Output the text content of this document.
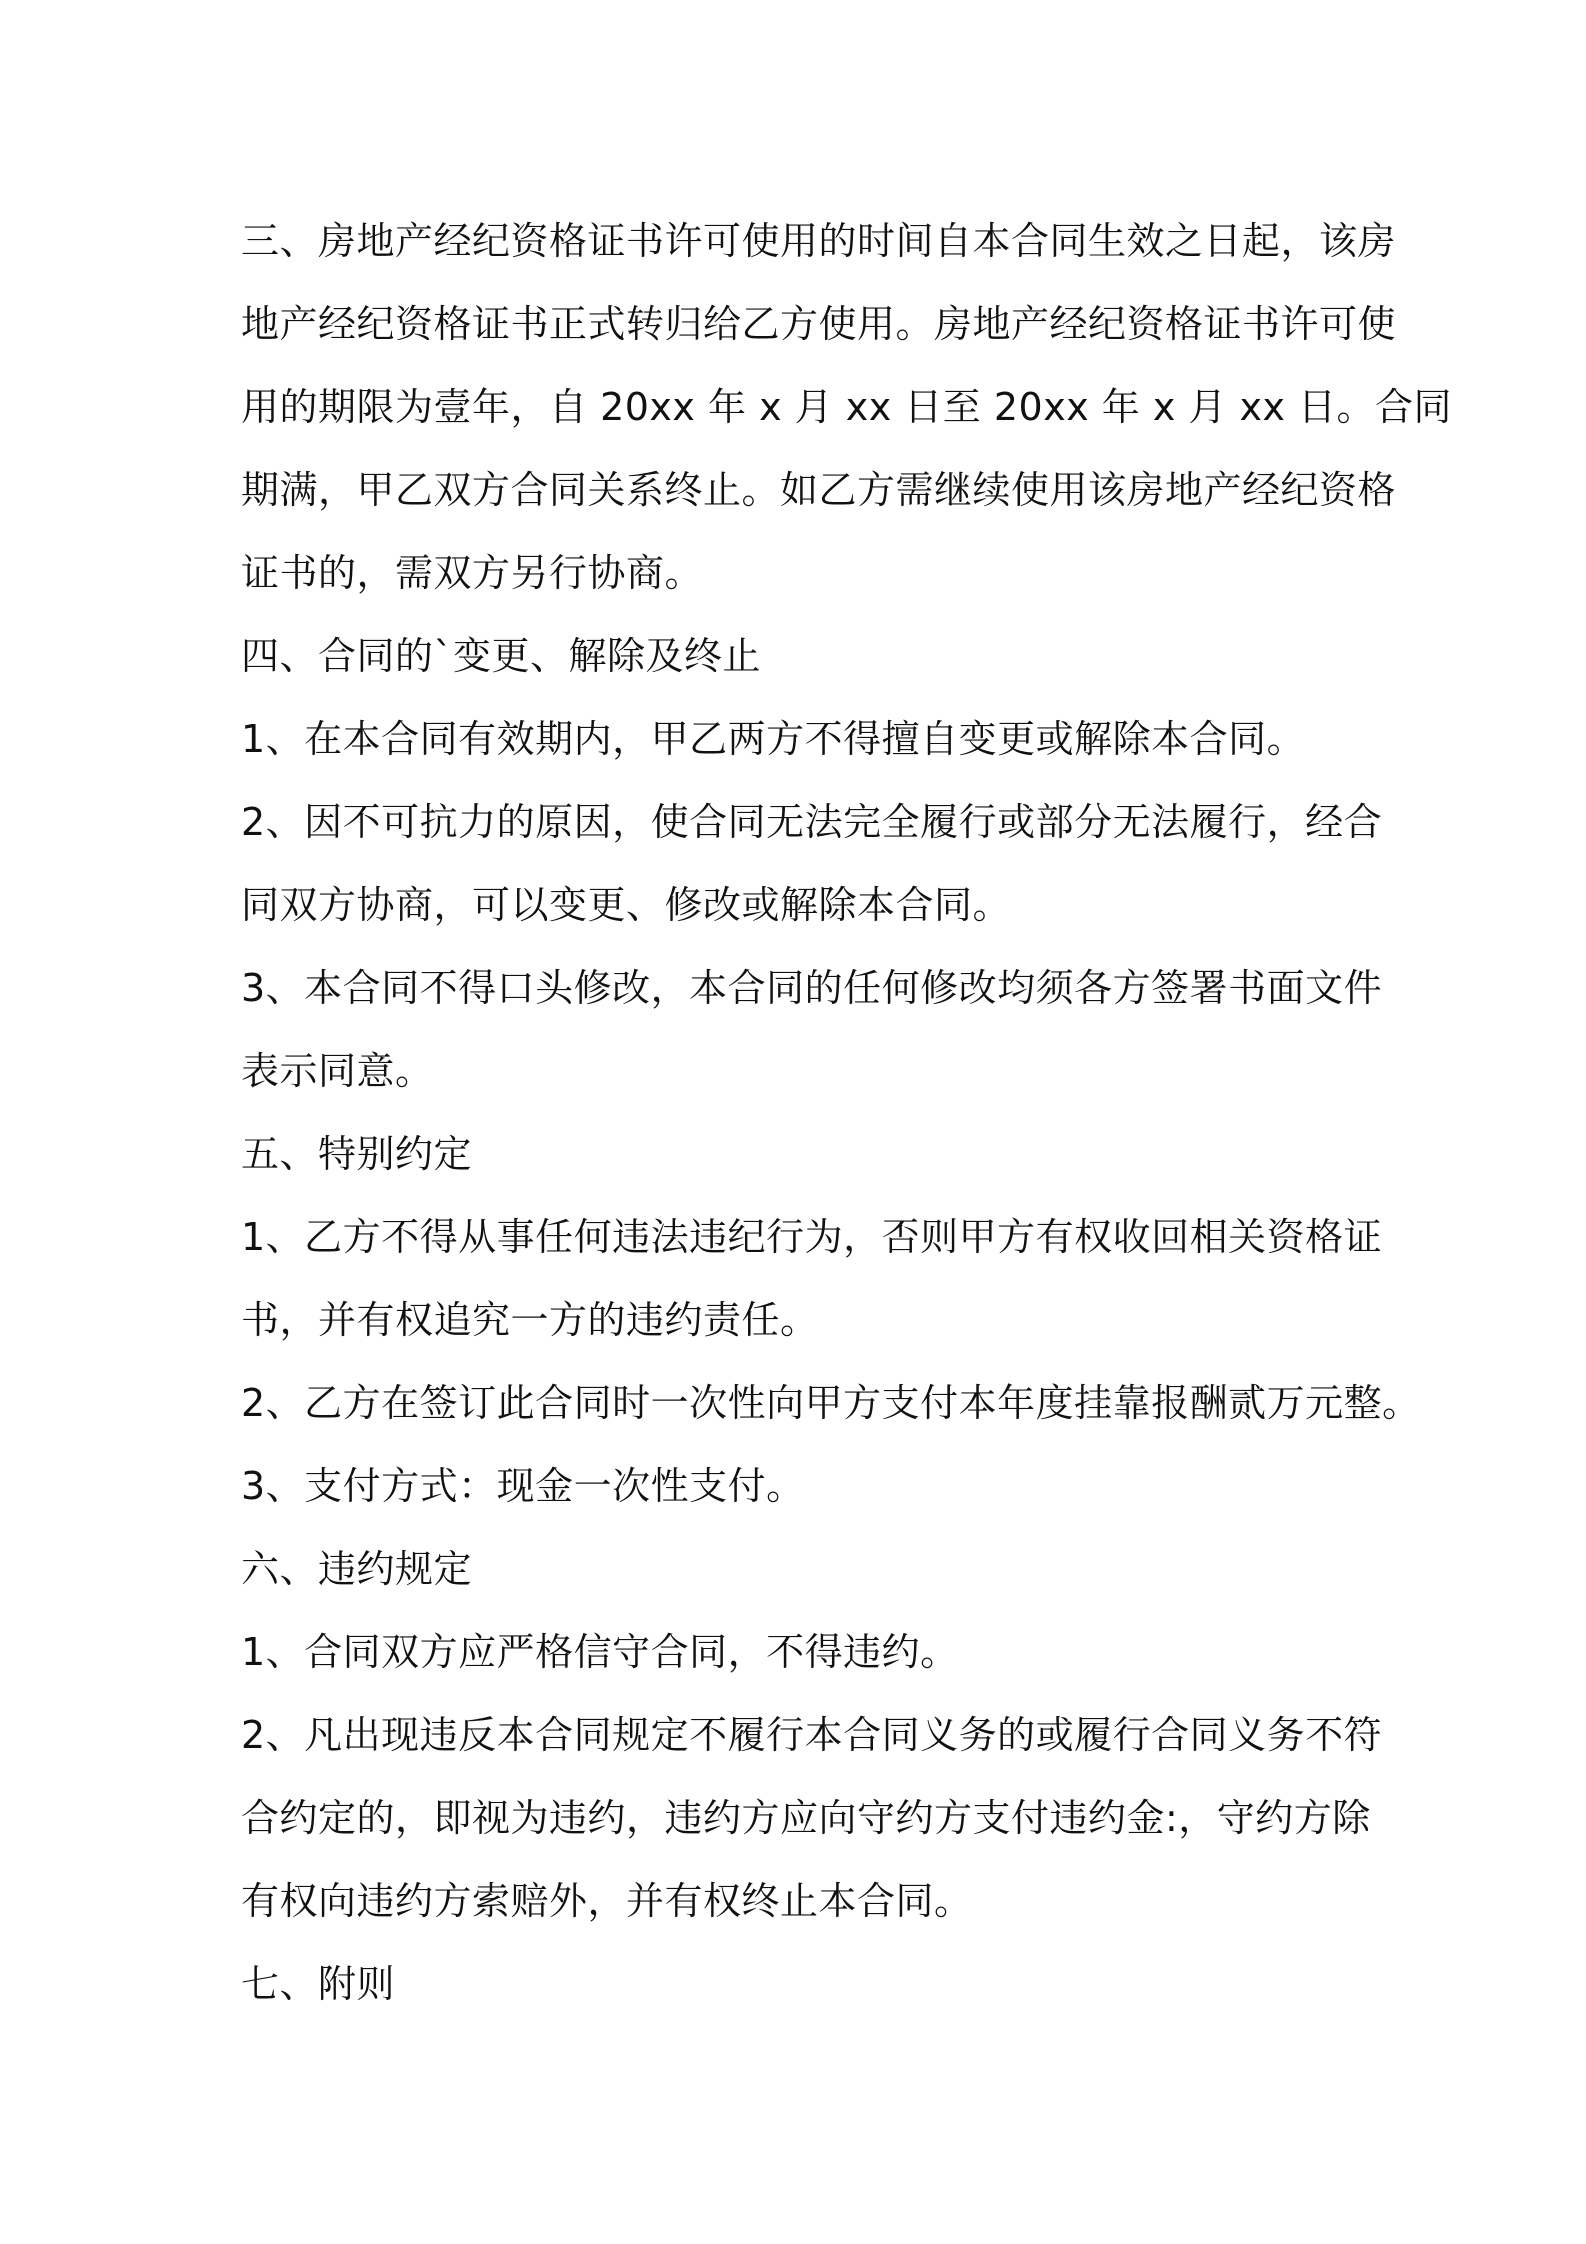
三、房地产经纪资格证书许可使用的时间自本合同生效之日起，该房
地产经纪资格证书正式转归给乙方使用。房地产经纪资格证书许可使
用的期限为壹年，自 20xx 年 x 月 xx 日至 20xx 年 x 月 xx 日。合同
期满，甲乙双方合同关系终止。如乙方需继续使用该房地产经纪资格
证书的，需双方另行协商。
四、合同的`变更、解除及终止
1、在本合同有效期内，甲乙两方不得擅自变更或解除本合同。
2、因不可抗力的原因，使合同无法完全履行或部分无法履行，经合
同双方协商，可以变更、修改或解除本合同。
3、本合同不得口头修改，本合同的任何修改均须各方签署书面文件
表示同意。
五、特别约定
1、乙方不得从事任何违法违纪行为，否则甲方有权收回相关资格证
书，并有权追究一方的违约责任。
2、乙方在签订此合同时一次性向甲方支付本年度挂靠报酬贰万元整。
3、支付方式：现金一次性支付。
六、违约规定
1、合同双方应严格信守合同，不得违约。
2、凡出现违反本合同规定不履行本合同义务的或履行合同义务不符
合约定的，即视为违约，违约方应向守约方支付违约金:，守约方除
有权向违约方索赔外，并有权终止本合同。
七、附则
